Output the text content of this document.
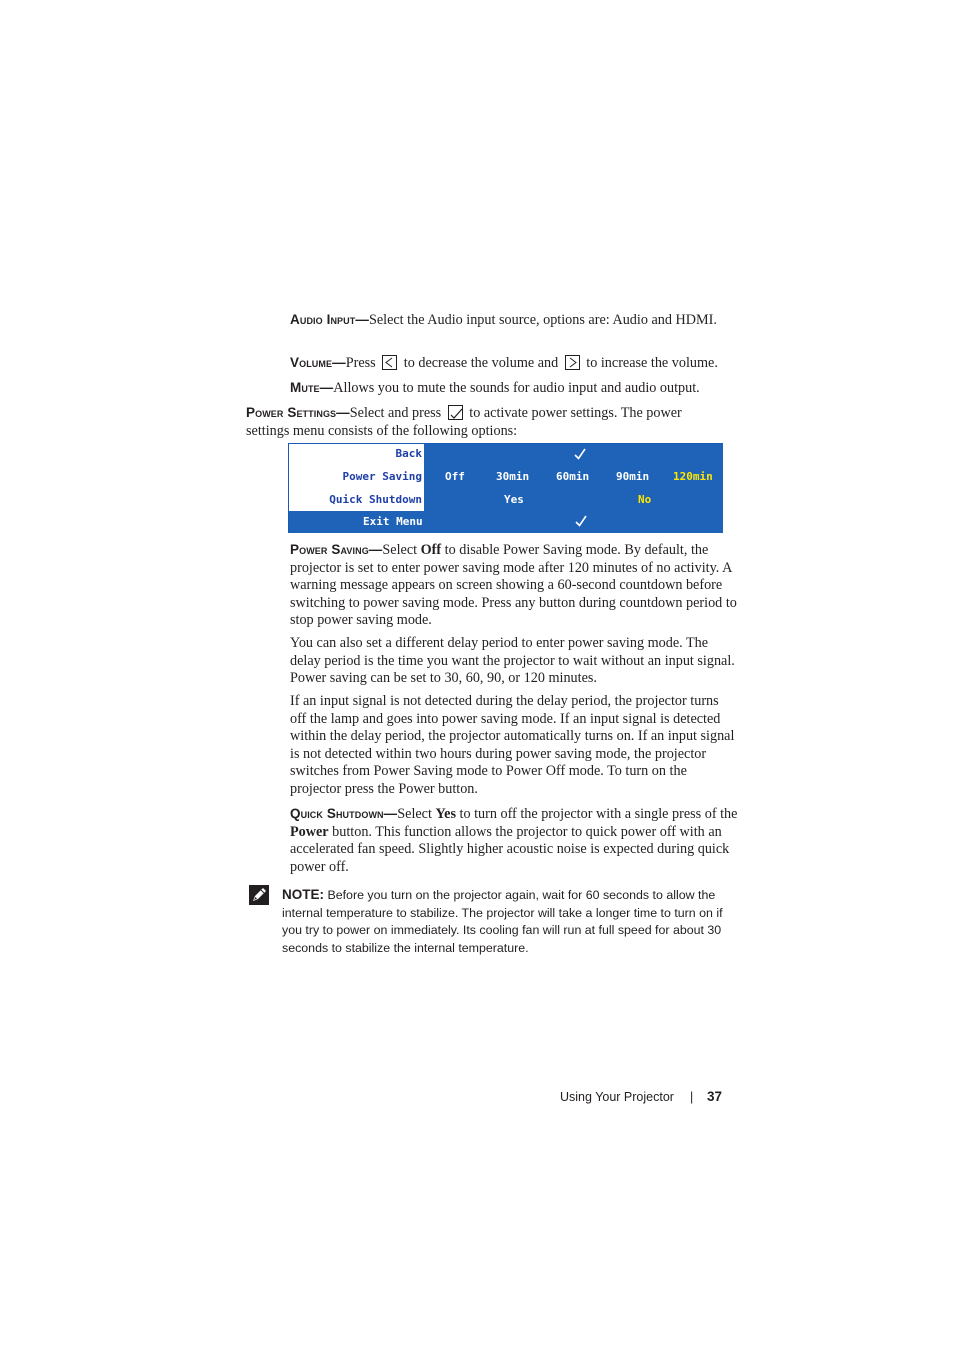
Audio Input—Select the Audio input source, options are: Audio and HDMI.
Volume—Press to decrease the volume and to increase the volume.
Mute—Allows you to mute the sounds for audio input and audio output.
Power Settings—Select and press to activate power settings. The power settings menu consists of the following options:
Back
Power Saving
Quick Shutdown
Off	30min 60min 90min 120min
Yes	No
Exit Menu
Power Saving—Select Off to disable Power Saving mode. By default, the projector is set to enter power saving mode after 120 minutes of no activity. A warning message appears on screen showing a 60-second countdown before switching to power saving mode. Press any button during countdown period to stop power saving mode.
You can also set a different delay period to enter power saving mode. The delay period is the time you want the projector to wait without an input signal. Power saving can be set to 30, 60, 90, or 120 minutes.
If an input signal is not detected during the delay period, the projector turns off the lamp and goes into power saving mode. If an input signal is detected within the delay period, the projector automatically turns on. If an input signal is not detected within two hours during power saving mode, the projector switches from Power Saving mode to Power Off mode. To turn on the projector press the Power button.
Quick Shutdown—Select Yes to turn off the projector with a single press of the Power button. This function allows the projector to quick power off with an accelerated fan speed. Slightly higher acoustic noise is expected during quick power off.
NOTE: Before you turn on the projector again, wait for 60 seconds to allow the internal temperature to stabilize. The projector will take a longer time to turn on if you try to power on immediately. Its cooling fan will run at full speed for about 30 seconds to stabilize the internal temperature.
Using Your Projector | 37
